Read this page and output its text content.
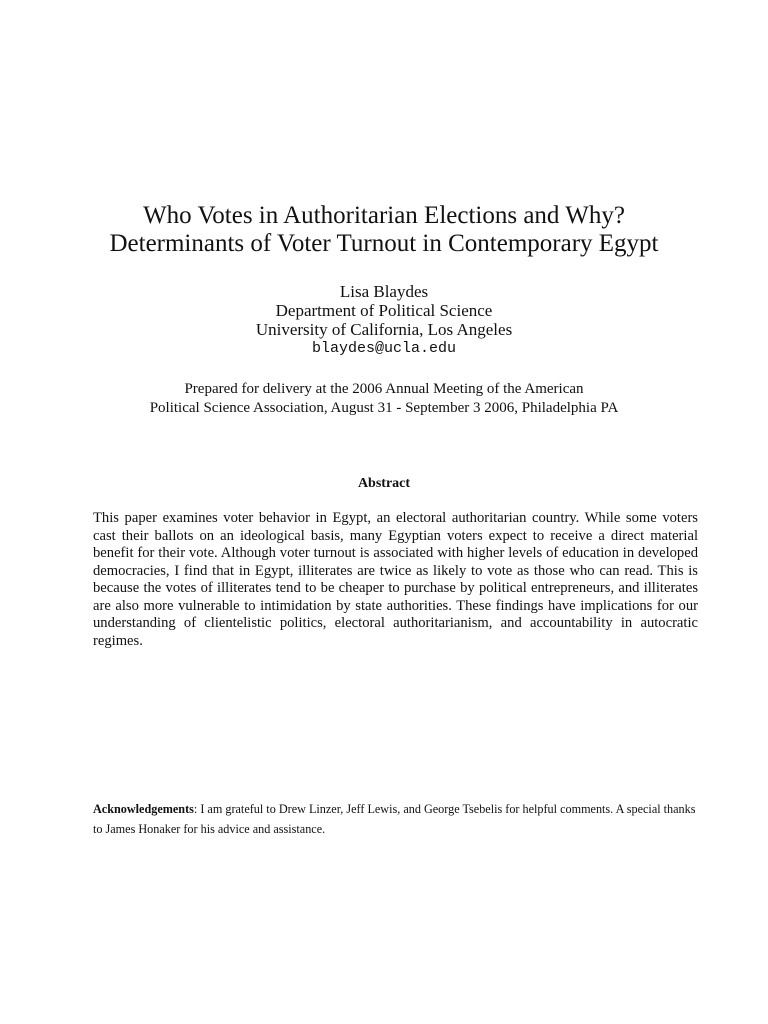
Who Votes in Authoritarian Elections and Why?
Determinants of Voter Turnout in Contemporary Egypt
Lisa Blaydes
Department of Political Science
University of California, Los Angeles
blaydes@ucla.edu
Prepared for delivery at the 2006 Annual Meeting of the American
Political Science Association, August 31 - September 3 2006, Philadelphia PA
Abstract
This paper examines voter behavior in Egypt, an electoral authoritarian country. While some voters cast their ballots on an ideological basis, many Egyptian voters expect to receive a direct material benefit for their vote. Although voter turnout is associated with higher levels of education in developed democracies, I find that in Egypt, illiterates are twice as likely to vote as those who can read. This is because the votes of illiterates tend to be cheaper to purchase by political entrepreneurs, and illiterates are also more vulnerable to intimidation by state authorities. These findings have implications for our understanding of clientelistic politics, electoral authoritarianism, and accountability in autocratic regimes.
Acknowledgements: I am grateful to Drew Linzer, Jeff Lewis, and George Tsebelis for helpful comments. A special thanks to James Honaker for his advice and assistance.
